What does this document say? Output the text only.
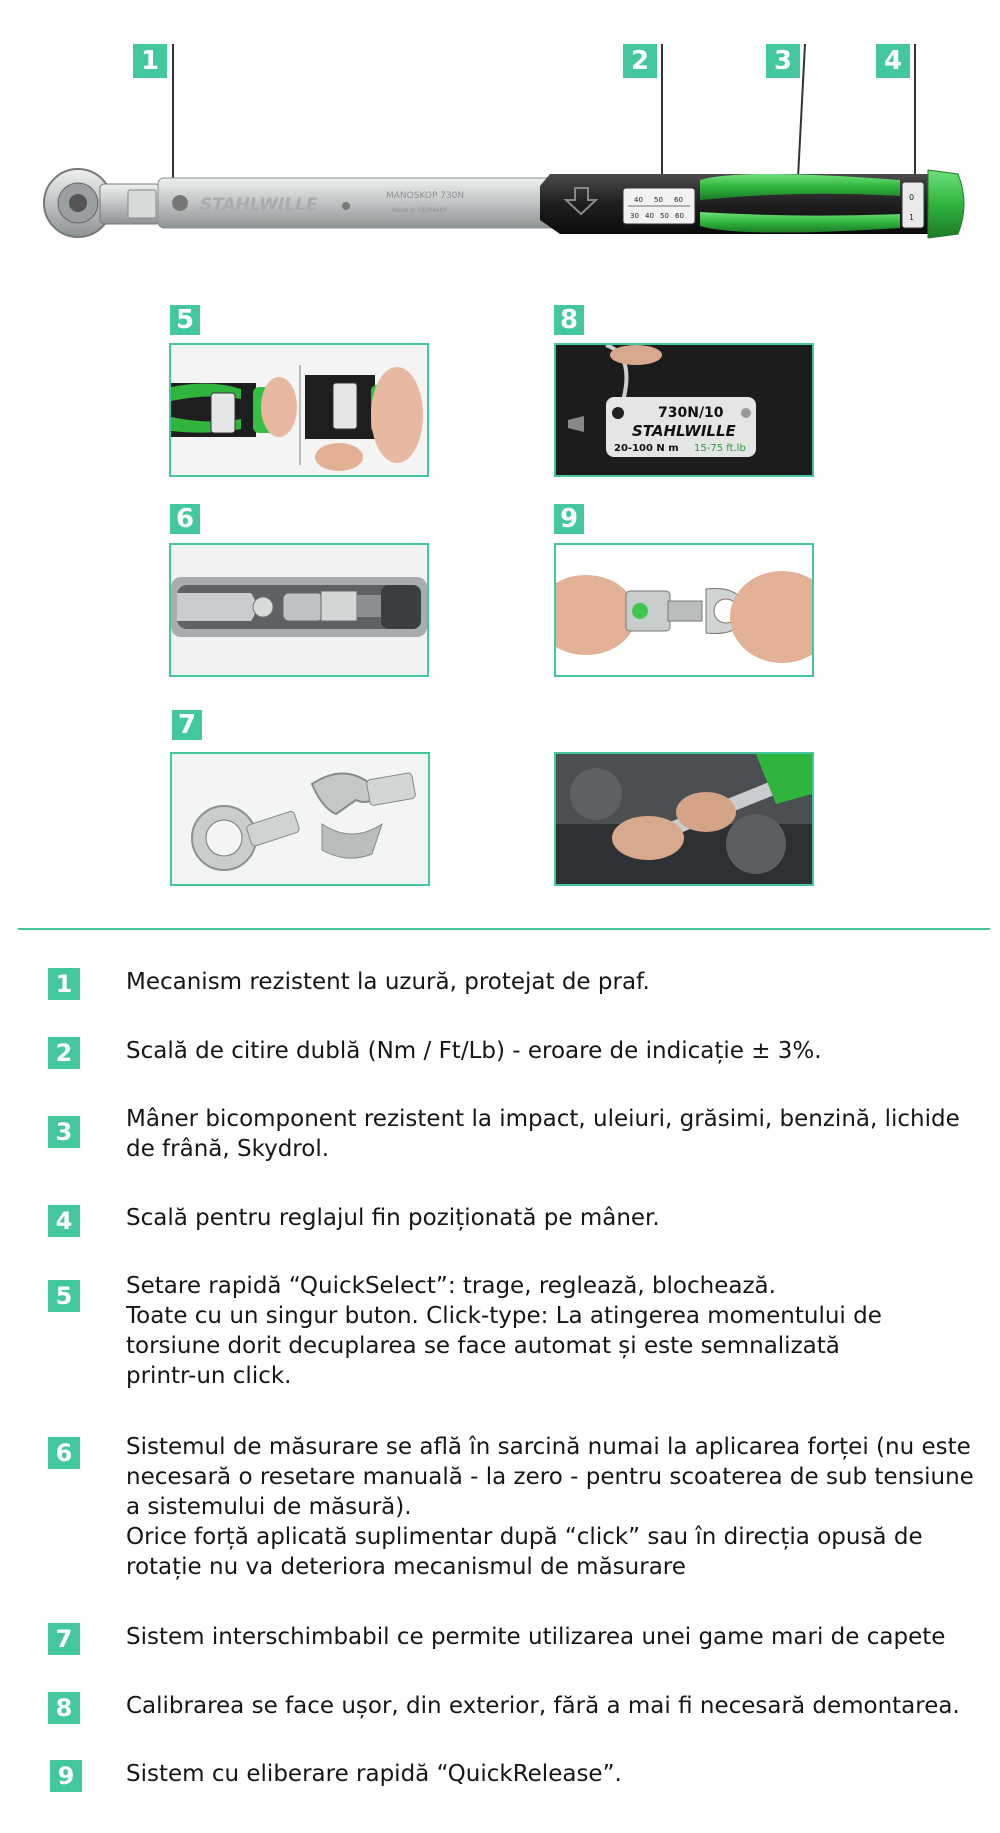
1	2	3	4
STAHLWILLE	MANOSKOP 730N
Made in GERMANY
40 50 60
30 40 50 60
0
1
5	8
6	9
7
730N/10
STAHLWILLE
20-100 N m 15-75 ft.lb
1	Mecanism rezistent la uzură, protejat de praf.
2	Scală de citire dublă (Nm / Ft/Lb) - eroare de indicație ± 3%.
3	Mâner bicomponent rezistent la impact, uleiuri, grăsimi, benzină, lichide
de frână, Skydrol.
4	Scală pentru reglajul fin poziționată pe mâner.
5	Setare rapidă “QuickSelect”: trage, reglează, blochează.
Toate cu un singur buton. Click-type: La atingerea momentului de
torsiune dorit decuplarea se face automat și este semnalizată
printr-un click.
6	Sistemul de măsurare se află în sarcină numai la aplicarea forței (nu este
necesară o resetare manuală - la zero - pentru scoaterea de sub tensiune
a sistemului de măsură).
Orice forță aplicată suplimentar după “click” sau în direcția opusă de
rotație nu va deteriora mecanismul de măsurare
7	Sistem interschimbabil ce permite utilizarea unei game mari de capete
8	Calibrarea se face ușor, din exterior, fără a mai fi necesară demontarea.
9	Sistem cu eliberare rapidă “QuickRelease”.
